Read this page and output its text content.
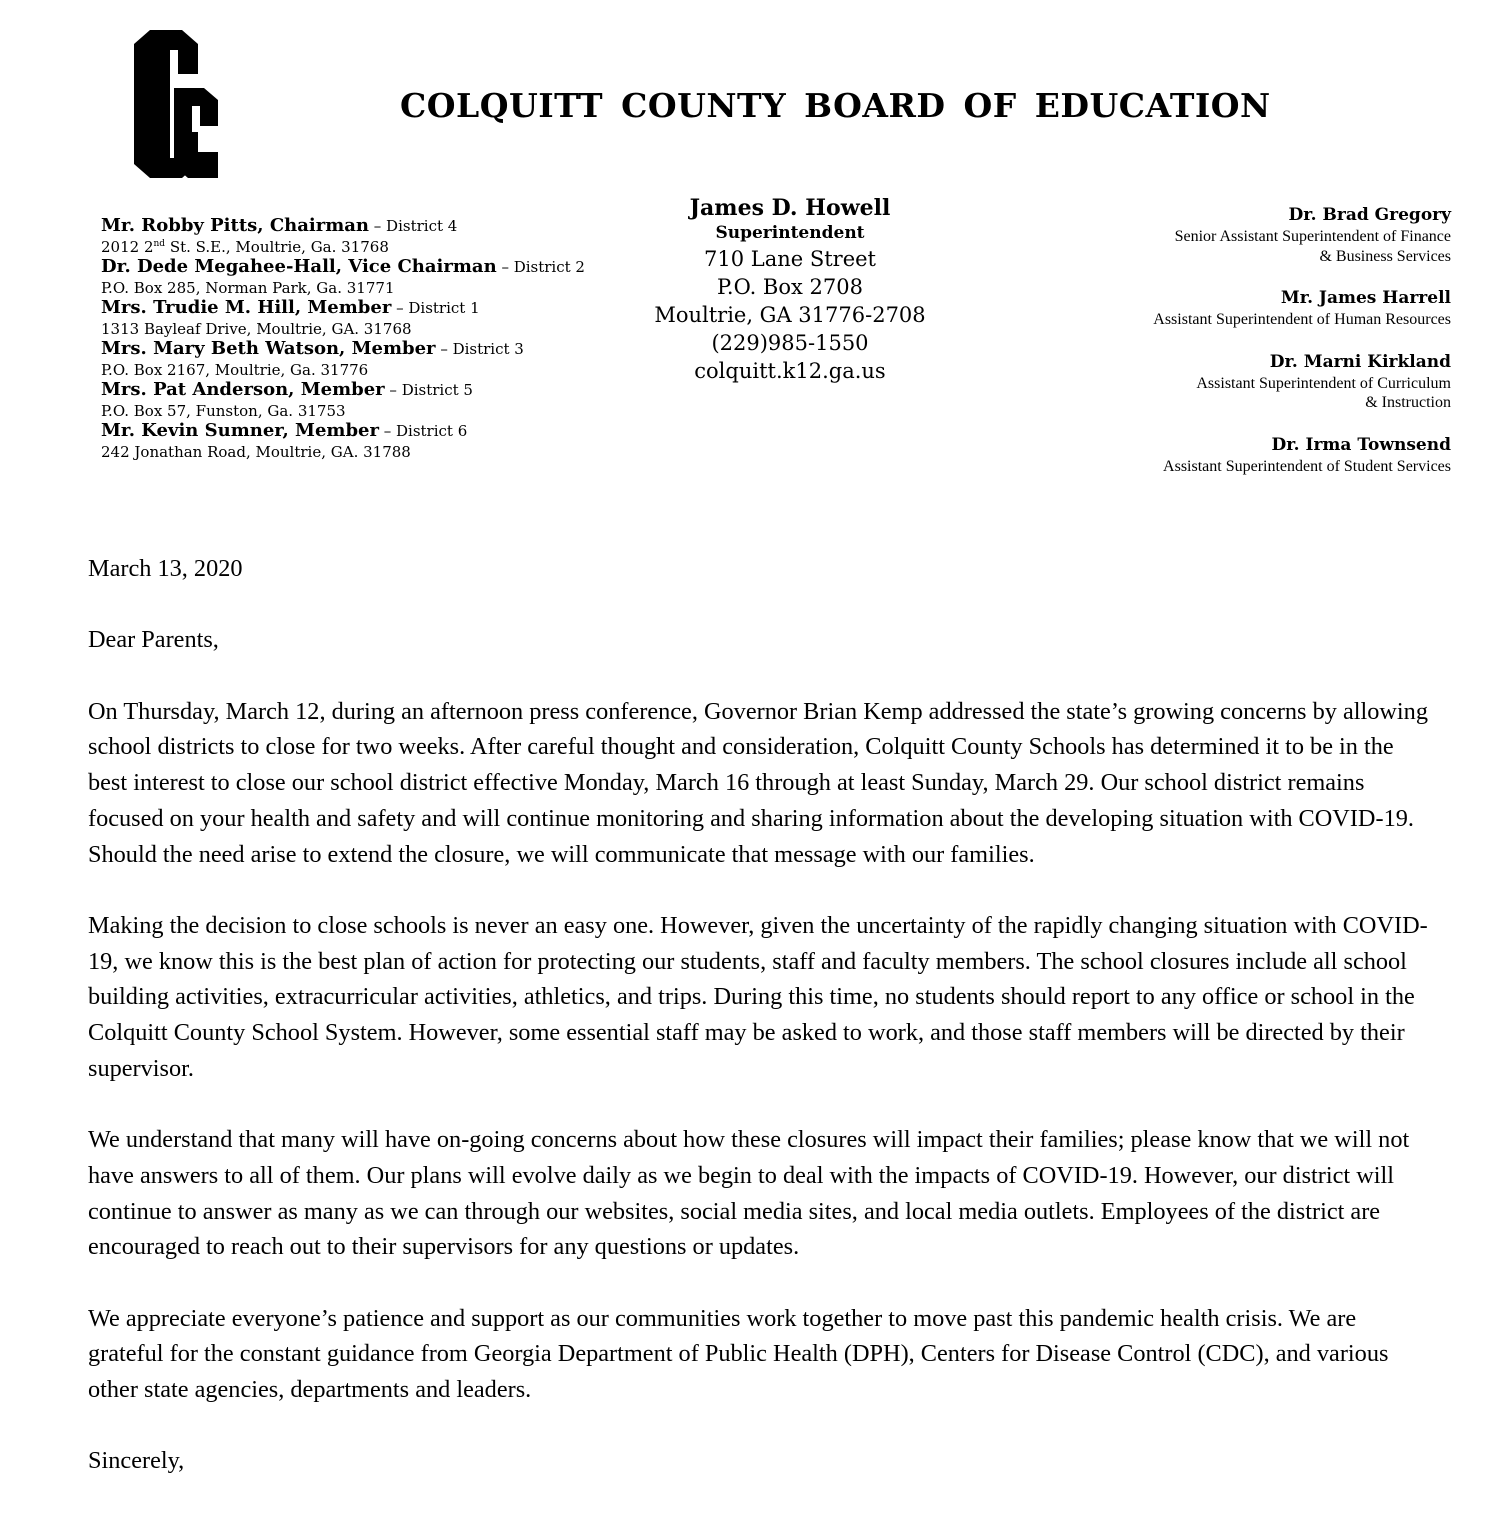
COLQUITT COUNTY BOARD OF EDUCATION
Mr. Robby Pitts, Chairman – District 4
2012 2nd St. S.E., Moultrie, Ga. 31768
Dr. Dede Megahee-Hall, Vice Chairman – District 2
P.O. Box 285, Norman Park, Ga. 31771
Mrs. Trudie M. Hill, Member – District 1
1313 Bayleaf Drive, Moultrie, GA. 31768
Mrs. Mary Beth Watson, Member – District 3
P.O. Box 2167, Moultrie, Ga. 31776
Mrs. Pat Anderson, Member – District 5
P.O. Box 57, Funston, Ga. 31753
Mr. Kevin Sumner, Member – District 6
242 Jonathan Road, Moultrie, GA. 31788
James D. Howell
Superintendent
710 Lane Street
P.O. Box 2708
Moultrie, GA 31776-2708
(229)985-1550
colquitt.k12.ga.us
Dr. Brad Gregory
Senior Assistant Superintendent of Finance
& Business Services
Mr. James Harrell
Assistant Superintendent of Human Resources
Dr. Marni Kirkland
Assistant Superintendent of Curriculum
& Instruction
Dr. Irma Townsend
Assistant Superintendent of Student Services

March 13, 2020

Dear Parents,

On Thursday, March 12, during an afternoon press conference, Governor Brian Kemp addressed the state’s growing concerns by allowing school districts to close for two weeks. After careful thought and consideration, Colquitt County Schools has determined it to be in the best interest to close our school district effective Monday, March 16 through at least Sunday, March 29. Our school district remains focused on your health and safety and will continue monitoring and sharing information about the developing situation with COVID-19. Should the need arise to extend the closure, we will communicate that message with our families.

Making the decision to close schools is never an easy one. However, given the uncertainty of the rapidly changing situation with COVID-19, we know this is the best plan of action for protecting our students, staff and faculty members. The school closures include all school building activities, extracurricular activities, athletics, and trips. During this time, no students should report to any office or school in the Colquitt County School System. However, some essential staff may be asked to work, and those staff members will be directed by their supervisor.

We understand that many will have on-going concerns about how these closures will impact their families; please know that we will not have answers to all of them. Our plans will evolve daily as we begin to deal with the impacts of COVID-19. However, our district will continue to answer as many as we can through our websites, social media sites, and local media outlets. Employees of the district are encouraged to reach out to their supervisors for any questions or updates.

We appreciate everyone’s patience and support as our communities work together to move past this pandemic health crisis. We are grateful for the constant guidance from Georgia Department of Public Health (DPH), Centers for Disease Control (CDC), and various other state agencies, departments and leaders.

Sincerely,
